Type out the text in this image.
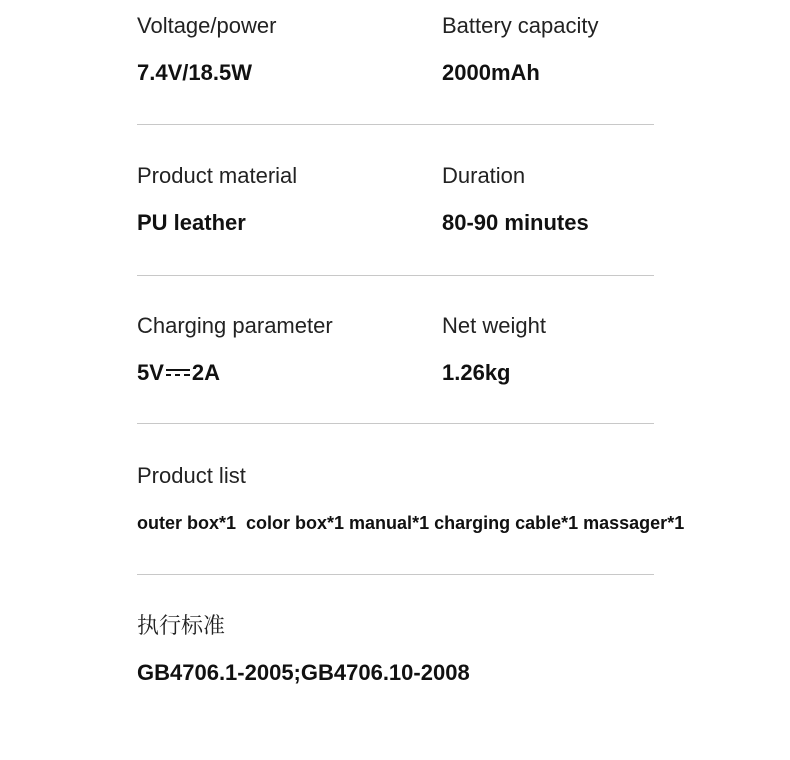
Voltage/power
7.4V/18.5W
Battery capacity
2000mAh
Product material
PU leather
Duration
80-90 minutes
Charging parameter
5V 2A
Net weight
1.26kg
Product list
outer box*1  color box*1 manual*1 charging cable*1 massager*1
执行标准
GB4706.1-2005;GB4706.10-2008
